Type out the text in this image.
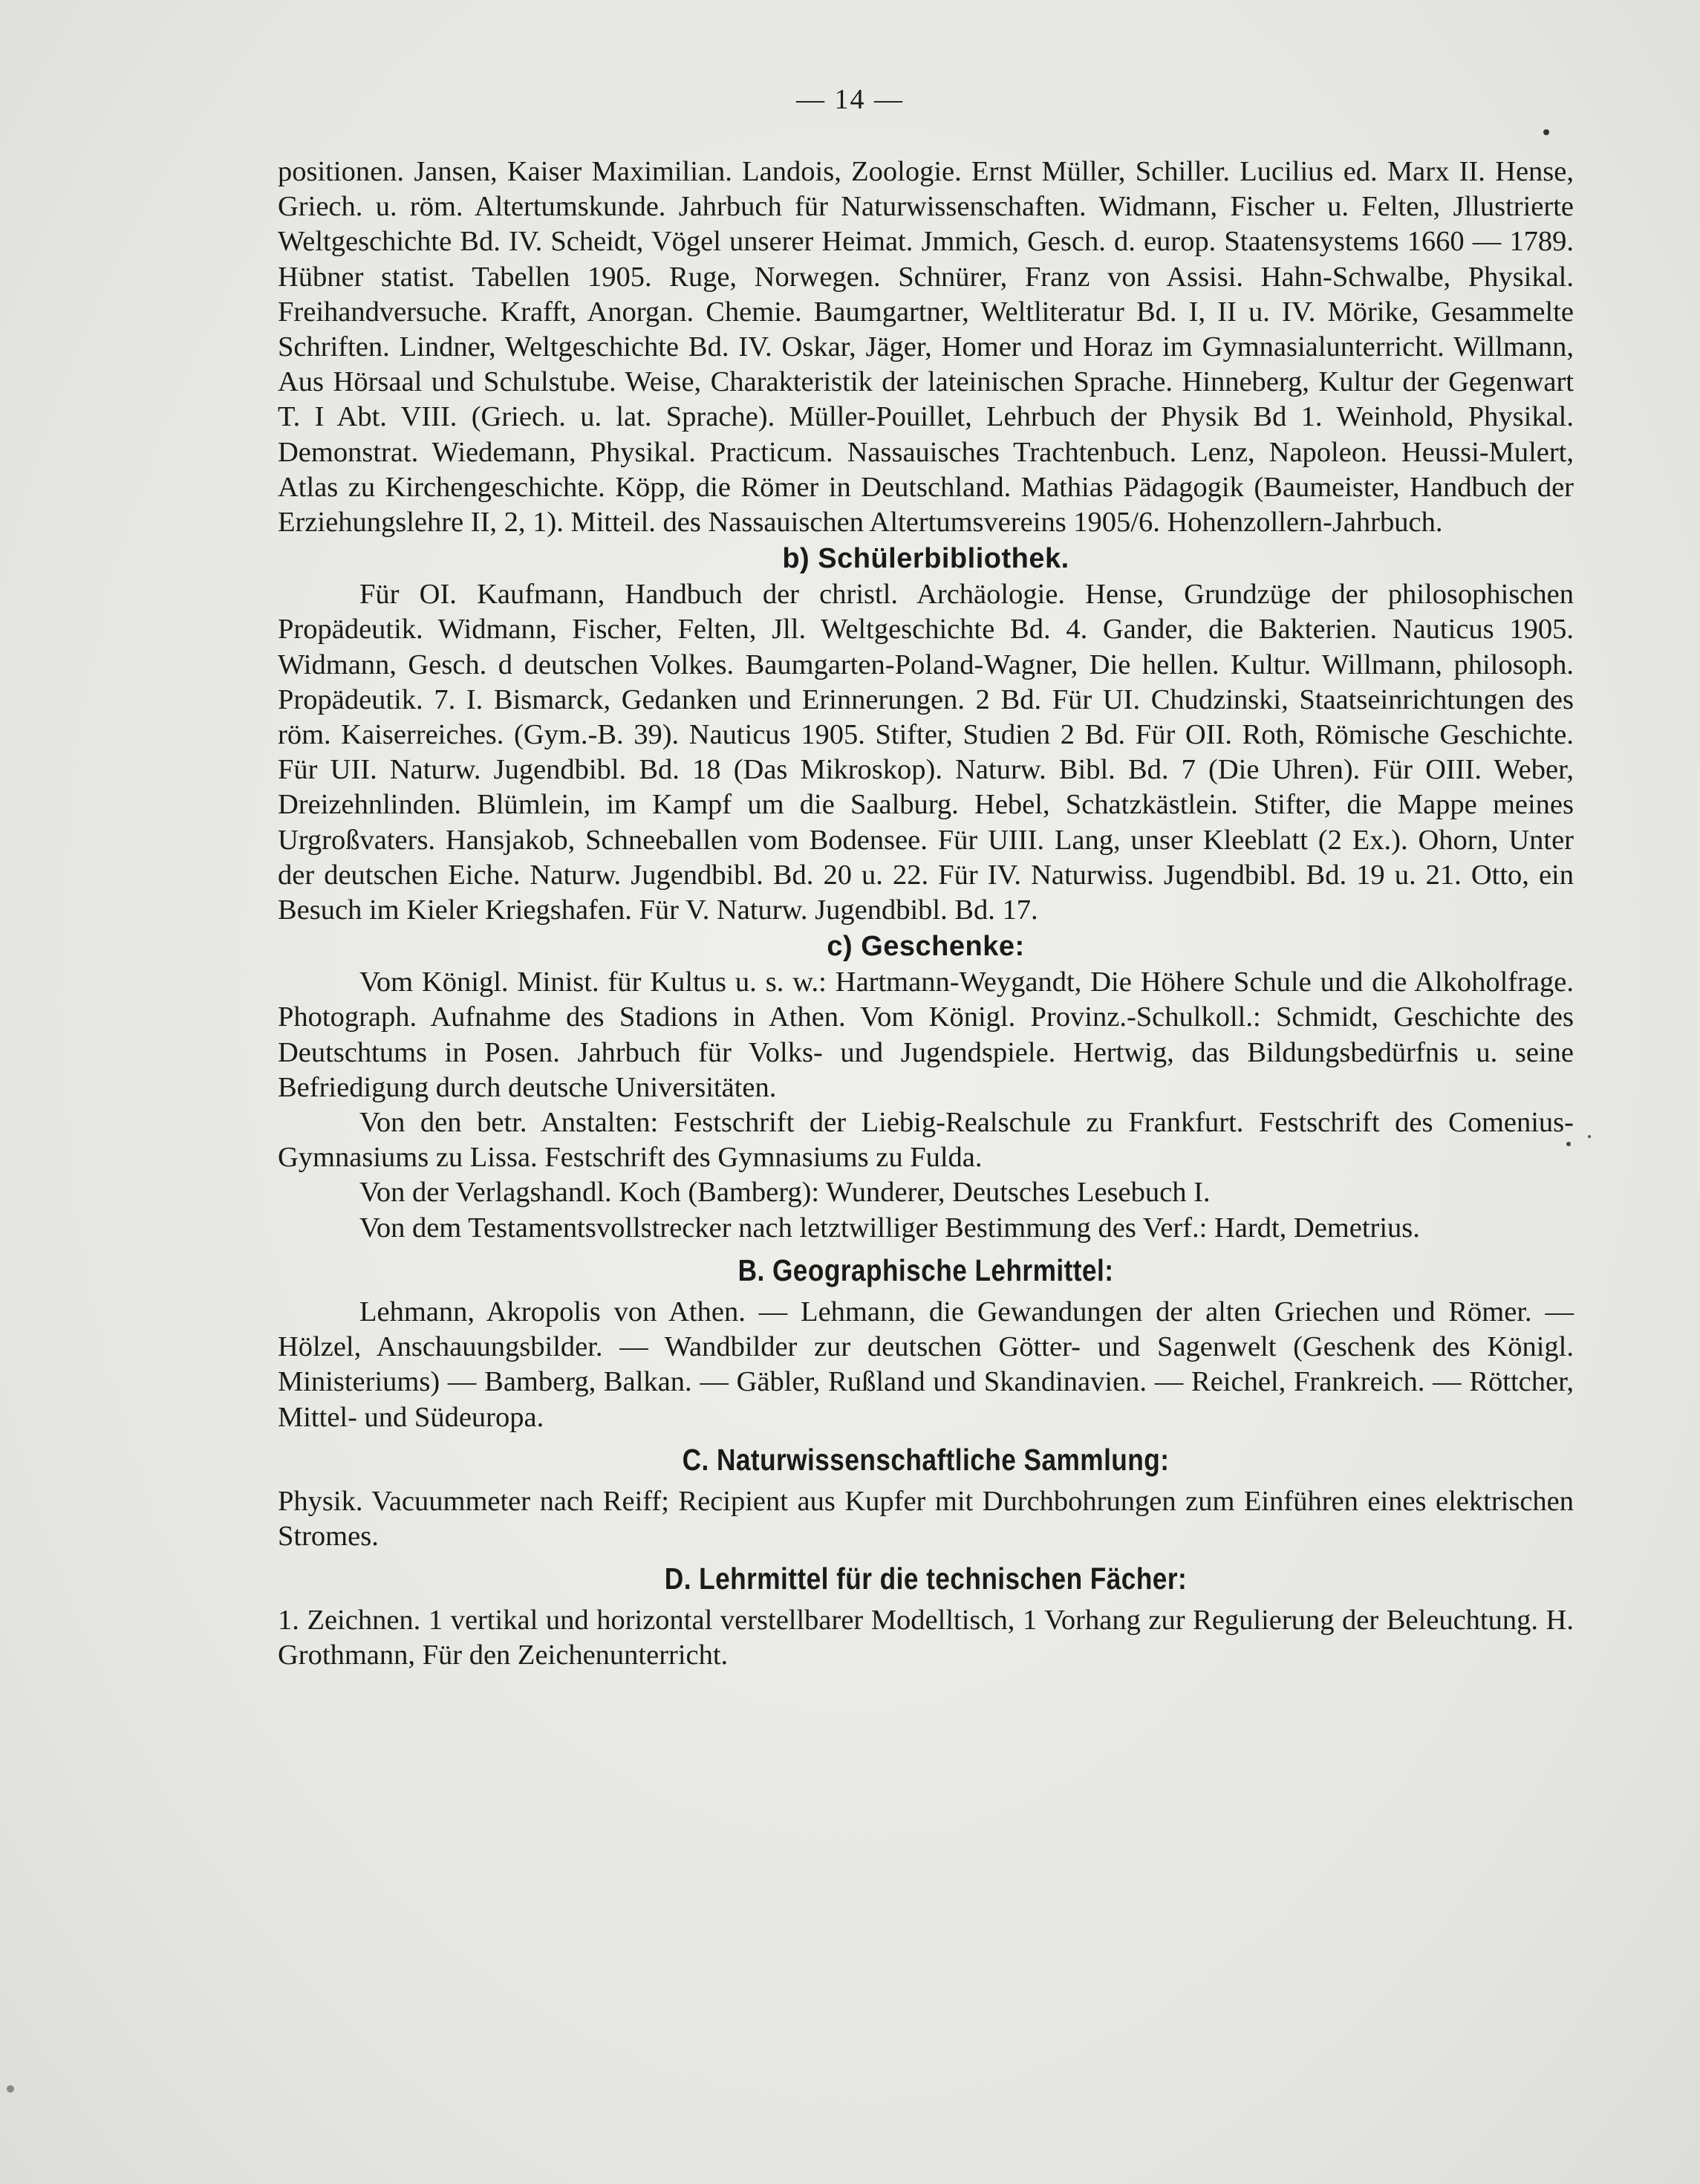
— 14 —

positionen. Jansen, Kaiser Maximilian. Landois, Zoologie. Ernst Müller, Schiller. Lucilius ed. Marx II. Hense, Griech. u. röm. Altertumskunde. Jahrbuch für Naturwissenschaften. Widmann, Fischer u. Felten, Jllustrierte Weltgeschichte Bd. IV. Scheidt, Vögel unserer Heimat. Jmmich, Gesch. d. europ. Staatensystems 1660 — 1789. Hübner statist. Tabellen 1905. Ruge, Norwegen. Schnürer, Franz von Assisi. Hahn-Schwalbe, Physikal. Freihandversuche. Krafft, Anorgan. Chemie. Baumgartner, Weltliteratur Bd. I, II u. IV. Mörike, Gesammelte Schriften. Lindner, Weltgeschichte Bd. IV. Oskar, Jäger, Homer und Horaz im Gymnasialunterricht. Willmann, Aus Hörsaal und Schulstube. Weise, Charakteristik der lateinischen Sprache. Hinneberg, Kultur der Gegenwart T. I Abt. VIII. (Griech. u. lat. Sprache). Müller-Pouillet, Lehrbuch der Physik Bd 1. Weinhold, Physikal. Demonstrat. Wiedemann, Physikal. Practicum. Nassauisches Trachtenbuch. Lenz, Napoleon. Heussi-Mulert, Atlas zu Kirchengeschichte. Köpp, die Römer in Deutschland. Mathias Pädagogik (Baumeister, Handbuch der Erziehungslehre II, 2, 1). Mitteil. des Nassauischen Altertumsvereins 1905/6. Hohenzollern-Jahrbuch.

b) Schülerbibliothek.

Für OI. Kaufmann, Handbuch der christl. Archäologie. Hense, Grundzüge der philosophischen Propädeutik. Widmann, Fischer, Felten, Jll. Weltgeschichte Bd. 4. Gander, die Bakterien. Nauticus 1905. Widmann, Gesch. d deutschen Volkes. Baumgarten-Poland-Wagner, Die hellen. Kultur. Willmann, philosoph. Propädeutik. 7. I. Bismarck, Gedanken und Erinnerungen. 2 Bd. Für UI. Chudzinski, Staatseinrichtungen des röm. Kaiserreiches. (Gym.-B. 39). Nauticus 1905. Stifter, Studien 2 Bd. Für OII. Roth, Römische Geschichte. Für UII. Naturw. Jugendbibl. Bd. 18 (Das Mikroskop). Naturw. Bibl. Bd. 7 (Die Uhren). Für OIII. Weber, Dreizehnlinden. Blümlein, im Kampf um die Saalburg. Hebel, Schatzkästlein. Stifter, die Mappe meines Urgroßvaters. Hansjakob, Schneeballen vom Bodensee. Für UIII. Lang, unser Kleeblatt (2 Ex.). Ohorn, Unter der deutschen Eiche. Naturw. Jugendbibl. Bd. 20 u. 22. Für IV. Naturwiss. Jugendbibl. Bd. 19 u. 21. Otto, ein Besuch im Kieler Kriegshafen. Für V. Naturw. Jugendbibl. Bd. 17.

c) Geschenke:

Vom Königl. Minist. für Kultus u. s. w.: Hartmann-Weygandt, Die Höhere Schule und die Alkoholfrage. Photograph. Aufnahme des Stadions in Athen. Vom Königl. Provinz.-Schulkoll.: Schmidt, Geschichte des Deutschtums in Posen. Jahrbuch für Volks- und Jugendspiele. Hertwig, das Bildungsbedürfnis u. seine Befriedigung durch deutsche Universitäten.

Von den betr. Anstalten: Festschrift der Liebig-Realschule zu Frankfurt. Festschrift des Comenius-Gymnasiums zu Lissa. Festschrift des Gymnasiums zu Fulda.

Von der Verlagshandl. Koch (Bamberg): Wunderer, Deutsches Lesebuch I.

Von dem Testamentsvollstrecker nach letztwilliger Bestimmung des Verf.: Hardt, Demetrius.

B. Geographische Lehrmittel:

Lehmann, Akropolis von Athen. — Lehmann, die Gewandungen der alten Griechen und Römer. — Hölzel, Anschauungsbilder. — Wandbilder zur deutschen Götter- und Sagenwelt (Geschenk des Königl. Ministeriums) — Bamberg, Balkan. — Gäbler, Rußland und Skandinavien. — Reichel, Frankreich. — Röttcher, Mittel- und Südeuropa.

C. Naturwissenschaftliche Sammlung:

Physik. Vacuummeter nach Reiff; Recipient aus Kupfer mit Durchbohrungen zum Einführen eines elektrischen Stromes.

D. Lehrmittel für die technischen Fächer:

1. Zeichnen. 1 vertikal und horizontal verstellbarer Modelltisch, 1 Vorhang zur Regulierung der Beleuchtung. H. Grothmann, Für den Zeichenunterricht.
